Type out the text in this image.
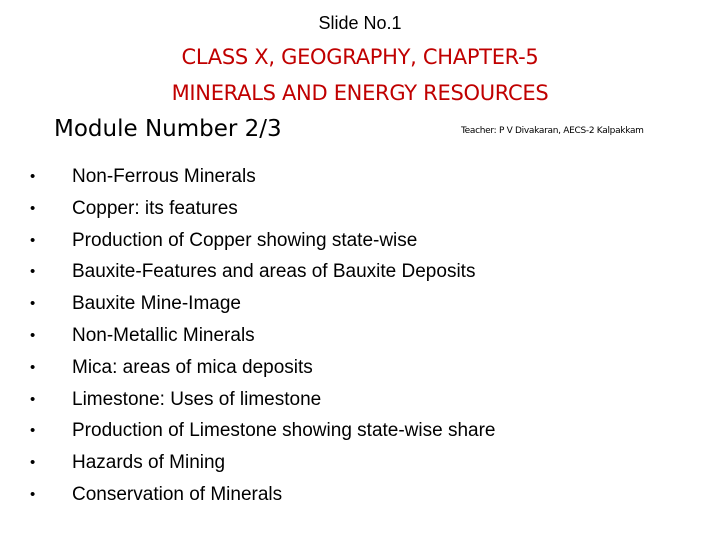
Slide No.1
CLASS X, GEOGRAPHY, CHAPTER-5
MINERALS AND ENERGY RESOURCES
Module Number 2/3	Teacher: P V Divakaran, AECS-2 Kalpakkam
• Non-Ferrous Minerals
• Copper: its features
• Production of Copper showing state-wise
• Bauxite-Features and areas of Bauxite Deposits
• Bauxite Mine-Image
• Non-Metallic Minerals
• Mica: areas of mica deposits
• Limestone: Uses of limestone
• Production of Limestone showing state-wise share
• Hazards of Mining
• Conservation of Minerals
